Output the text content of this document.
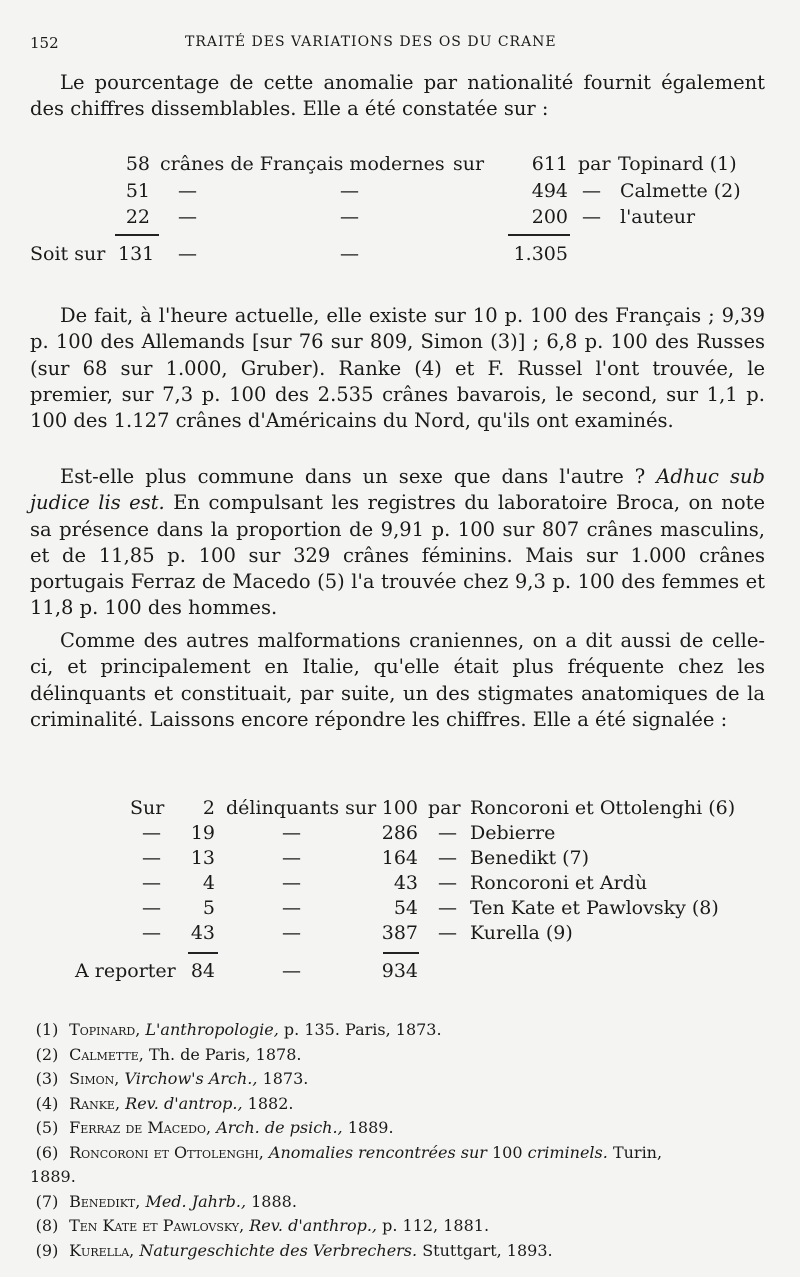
152	TRAITÉ DES VARIATIONS DES OS DU CRANE

Le pourcentage de cette anomalie par nationalité fournit également des chiffres dissemblables. Elle a été constatée sur :

58 crânes de Français modernes sur	611 par Topinard (1)
51 —	—	494 — Calmette (2)
22 —	—	200 — l'auteur
Soit sur 131 —	—	1.305

De fait, à l'heure actuelle, elle existe sur 10 p. 100 des Français ; 9,39 p. 100 des Allemands [sur 76 sur 809, Simon (3)] ; 6,8 p. 100 des Russes (sur 68 sur 1.000, Gruber). Ranke (4) et F. Russel l'ont trouvée, le premier, sur 7,3 p. 100 des 2.535 crânes bavarois, le second, sur 1,1 p. 100 des 1.127 crânes d'Américains du Nord, qu'ils ont examinés.

Est-elle plus commune dans un sexe que dans l'autre ? Adhuc sub judice lis est. En compulsant les registres du laboratoire Broca, on note sa présence dans la proportion de 9,91 p. 100 sur 807 crânes masculins, et de 11,85 p. 100 sur 329 crânes féminins. Mais sur 1.000 crânes portugais Ferraz de Macedo (5) l'a trouvée chez 9,3 p. 100 des femmes et 11,8 p. 100 des hommes.

Comme des autres malformations craniennes, on a dit aussi de celle-ci, et principalement en Italie, qu'elle était plus fréquente chez les délinquants et constituait, par suite, un des stigmates anatomiques de la criminalité. Laissons encore répondre les chiffres. Elle a été signalée :

Sur	2 délinquants sur 100 par Roncoroni et Ottolenghi (6)
—	19	—	286 — Debierre
—	13	—	164 — Benedikt (7)
—	4	—	43 — Roncoroni et Ardù
—	5	—	54 — Ten Kate et Pawlovsky (8)
—	43	—	387 — Kurella (9)
A reporter 84	—	934
(1) Topinard, L'anthropologie, p. 135. Paris, 1873.
(2) Calmette, Th. de Paris, 1878.
(3) Simon, Virchow's Arch., 1873.
(4) Ranke, Rev. d'antrop., 1882.
(5) Ferraz de Macedo, Arch. de psich., 1889.
(6) Roncoroni et Ottolenghi, Anomalies rencontrées sur 100 criminels. Turin,
1889.
(7) Benedikt, Med. Jahrb., 1888.
(8) Ten Kate et Pawlovsky, Rev. d'anthrop., p. 112, 1881.
(9) Kurella, Naturgeschichte des Verbrechers. Stuttgart, 1893.
